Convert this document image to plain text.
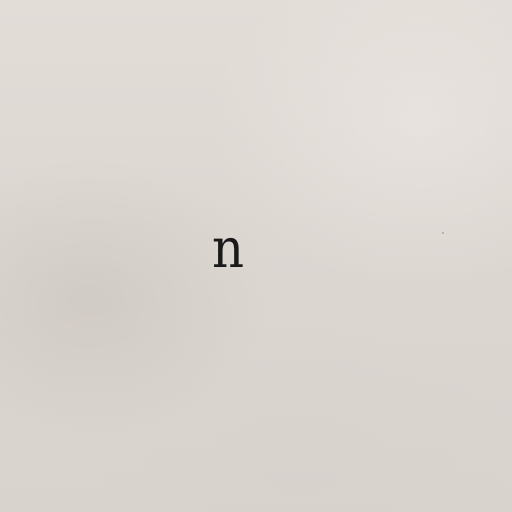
n
